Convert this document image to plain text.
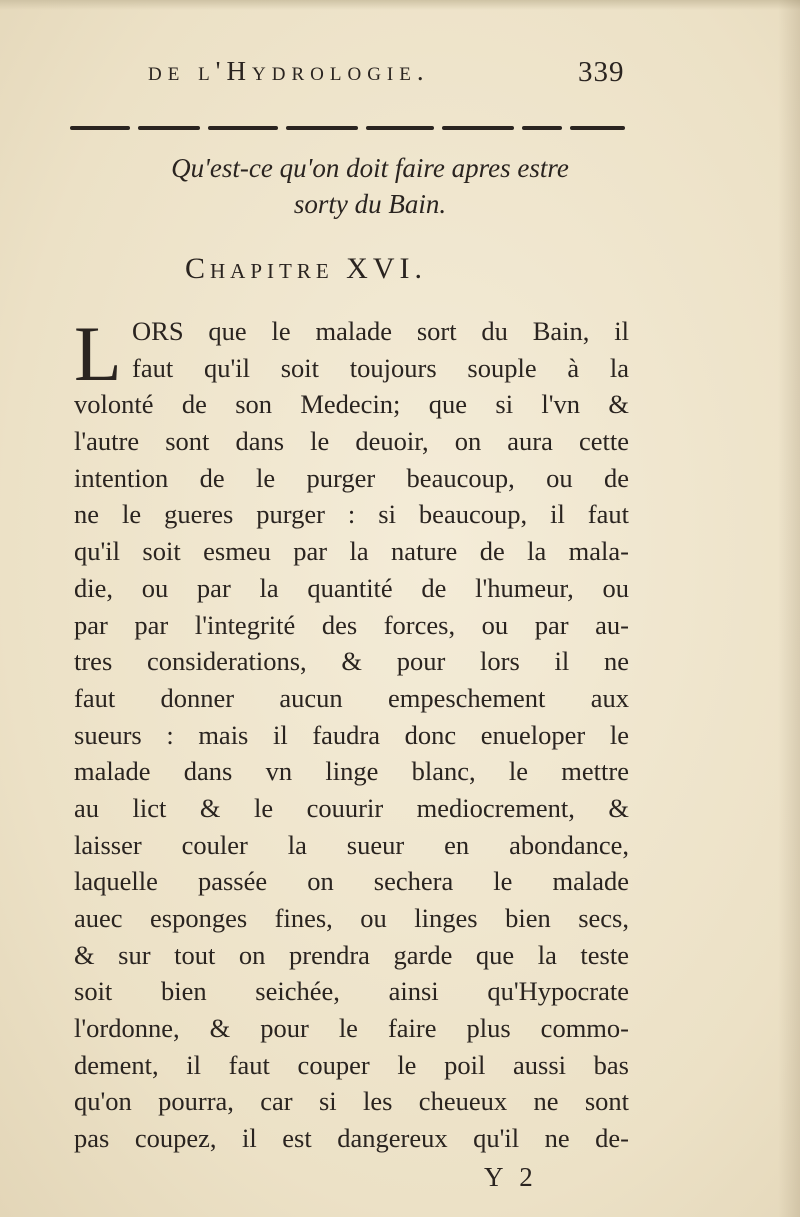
de l'Hydrologie.	339
Qu'est-ce qu'on doit faire apres estre
sorty du Bain.
Chapitre XVI.
L ORS que le malade sort du Bain, il
faut qu'il soit toujours souple à la
volonté de son Medecin; que si l'vn &
l'autre sont dans le deuoir, on aura cette
intention de le purger beaucoup, ou de
ne le gueres purger : si beaucoup, il faut
qu'il soit esmeu par la nature de la mala-
die, ou par la quantité de l'humeur, ou
par par l'integrité des forces, ou par au-
tres considerations, & pour lors il ne
faut donner aucun empeschement aux
sueurs : mais il faudra donc enueloper le
malade dans vn linge blanc, le mettre
au lict & le couurir mediocrement, &
laisser couler la sueur en abondance,
laquelle passée on sechera le malade
auec esponges fines, ou linges bien secs,
& sur tout on prendra garde que la teste
soit bien seichée, ainsi qu'Hypocrate
l'ordonne, & pour le faire plus commo-
dement, il faut couper le poil aussi bas
qu'on pourra, car si les cheueux ne sont
pas coupez, il est dangereux qu'il ne de-
Y 2
